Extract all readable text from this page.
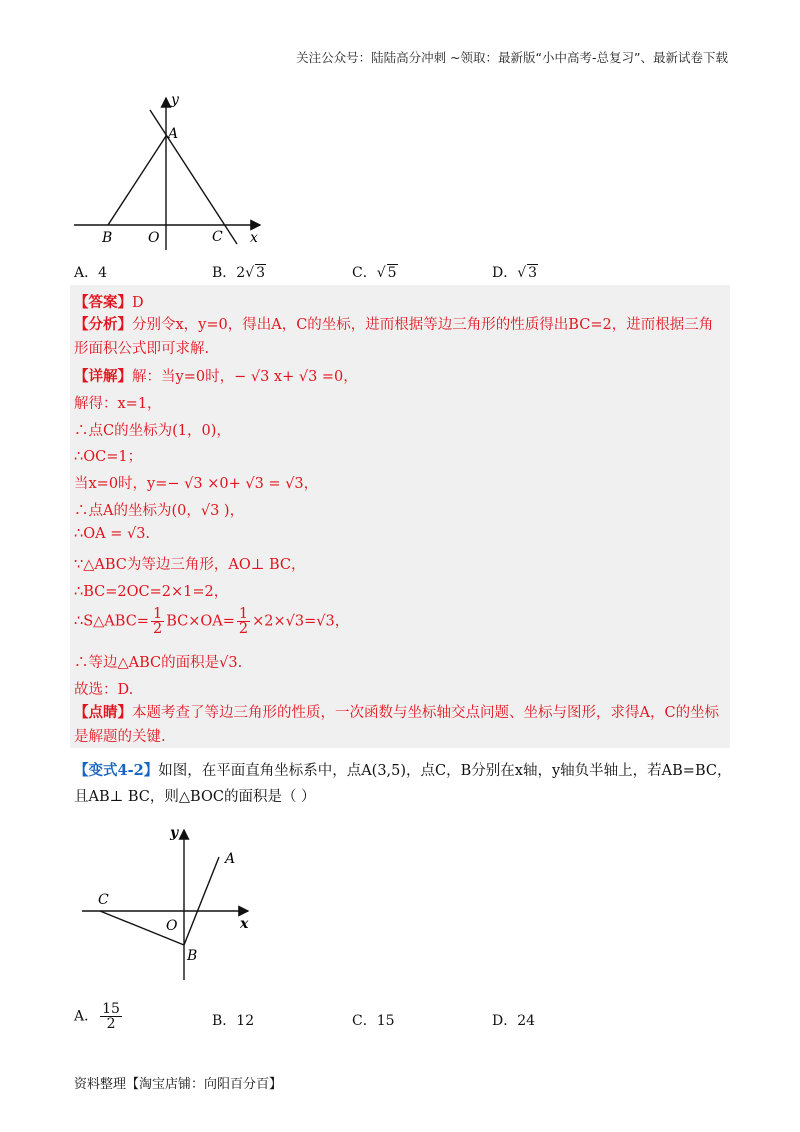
关注公众号：陆陆高分冲刺 ~领取：最新版“小中高考-总复习”、最新试卷下载
y
A
B	O	C x
A．4	B．2√ 3	C．√ 5	D．√ 3
【答案】D
【分析】分别令x，y=0，得出A，C的坐标，进而根据等边三角形的性质得出BC=2，进而根据三角形面积公式即可求解.
【详解】解：当y=0时，− √3 x+ √3 =0，
解得：x=1，
∴点C的坐标为(1，0)，
∴OC=1；
当x=0时，y=− √3 ×0+ √3 = √3，
∴点A的坐标为(0，√3 )，
∴OA = √3.
∵△ABC为等边三角形，AO⊥ BC，
∴BC=2OC=2×1=2，
∴S△ABC= $\frac{1}{2} BC\times OA= \frac{1}{2} \times 2\times√3=√3$，
∴等边△ABC的面积是√3.
故选：D.
【点睛】本题考查了等边三角形的性质，一次函数与坐标轴交点问题、坐标与图形，求得A，C的坐标是解题的关键.
【变式4-2】如图，在平面直角坐标系中，点A(3,5)，点C，B分别在x轴，y轴负半轴上，若AB=BC，且AB⊥ BC，则△BOC的面积是（ ）
y
A
C
O	x
B
A． $\frac{15}{2}$	B．12	C．15	D．24
资料整理【淘宝店铺：向阳百分百】
